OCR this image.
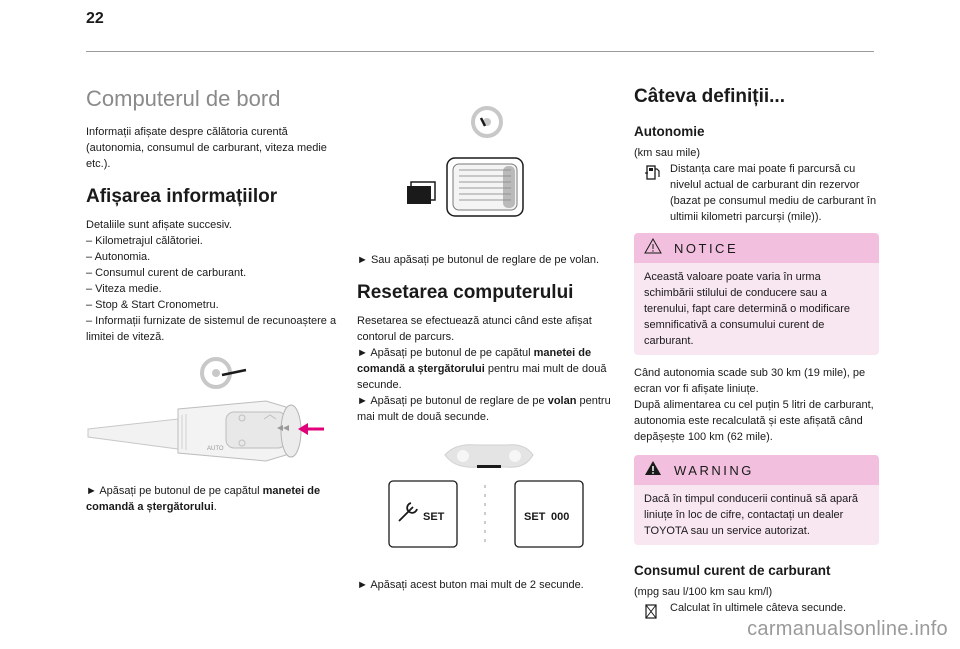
22
Computerul de bord
Informații afișate despre călătoria curentă (autonomia, consumul de carburant, viteza medie etc.).
Afișarea informațiilor
Detaliile sunt afișate succesiv.
– Kilometrajul călătoriei.
– Autonomia.
– Consumul curent de carburant.
– Viteza medie.
– Stop & Start Cronometru.
– Informații furnizate de sistemul de recunoaștere a limitei de viteză.
AUTO
► Apăsați pe butonul de pe capătul manetei de comandă a ștergătorului.
► Sau apăsați pe butonul de reglare de pe volan.
Resetarea computerului
Resetarea se efectuează atunci când este afișat contorul de parcurs.
► Apăsați pe butonul de pe capătul manetei de comandă a ștergătorului pentru mai mult de două secunde.
► Apăsați pe butonul de reglare de pe volan pentru mai mult de două secunde.
SET	SET 000
► Apăsați acest buton mai mult de 2 secunde.
Câteva definiții...
Autonomie
(km sau mile)
Distanța care mai poate fi parcursă cu nivelul actual de carburant din rezervor (bazat pe consumul mediu de carburant în ultimii kilometri parcurși (mile)).
NOTICE
Această valoare poate varia în urma schimbării stilului de conducere sau a terenului, fapt care determină o modificare semnificativă a consumului curent de carburant.
Când autonomia scade sub 30 km (19 mile), pe ecran vor fi afișate liniuțe.
După alimentarea cu cel puțin 5 litri de carburant, autonomia este recalculată și este afișată când depășește 100 km (62 mile).
WARNING
Dacă în timpul conducerii continuă să apară liniuțe în loc de cifre, contactați un dealer TOYOTA sau un service autorizat.
Consumul curent de carburant
(mpg sau l/100 km sau km/l)
Calculat în ultimele câteva secunde.
carmanualsonline.info
